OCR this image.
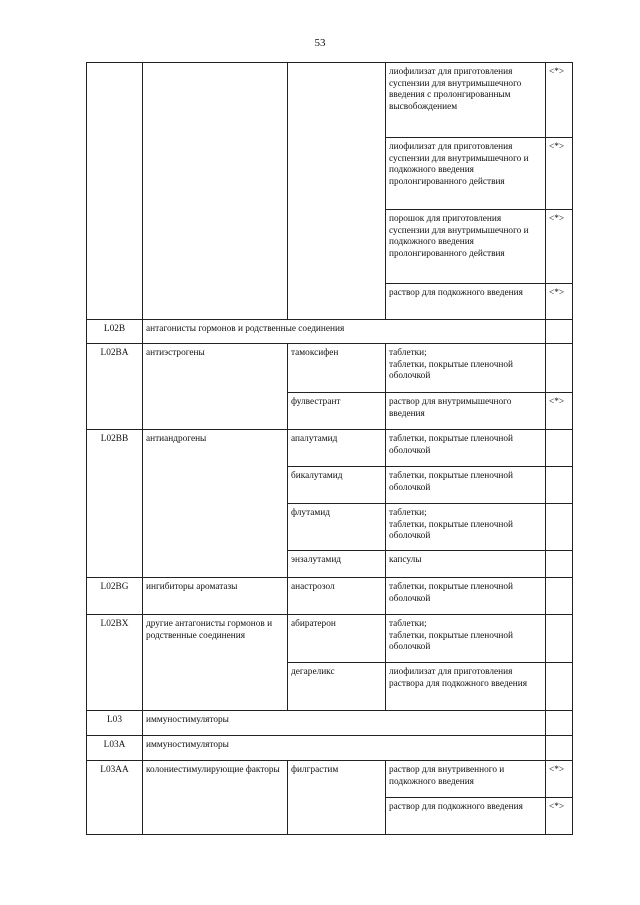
53
			лиофилизат для приготовления суспензии для внутримышечного введения с пролонгированным высвобождением	<*>
			лиофилизат для приготовления суспензии для внутримышечного и подкожного введения пролонгированного действия	<*>
			порошок для приготовления суспензии для внутримышечного и подкожного введения пролонгированного действия	<*>
			раствор для подкожного введения	<*>
L02B	антагонисты гормонов и родственные соединения			
L02BA	антиэстрогены	тамоксифен	таблетки;
таблетки, покрытые пленочной оболочкой	
		фулвестрант	раствор для внутримышечного введения	<*>
L02BB	антиандрогены	апалутамид	таблетки, покрытые пленочной оболочкой	
		бикалутамид	таблетки, покрытые пленочной оболочкой	
		флутамид	таблетки;
таблетки, покрытые пленочной оболочкой	
		энзалутамид	капсулы	
L02BG	ингибиторы ароматазы	анастрозол	таблетки, покрытые пленочной оболочкой	
L02BX	другие антагонисты гормонов и родственные соединения	абиратерон	таблетки;
таблетки, покрытые пленочной оболочкой	
		дегареликс	лиофилизат для приготовления раствора для подкожного введения	
L03	иммуностимуляторы			
L03A	иммуностимуляторы			
L03AA	колониестимулирующие факторы	филграстим	раствор для внутривенного и подкожного введения	<*>
			раствор для подкожного введения	<*>
